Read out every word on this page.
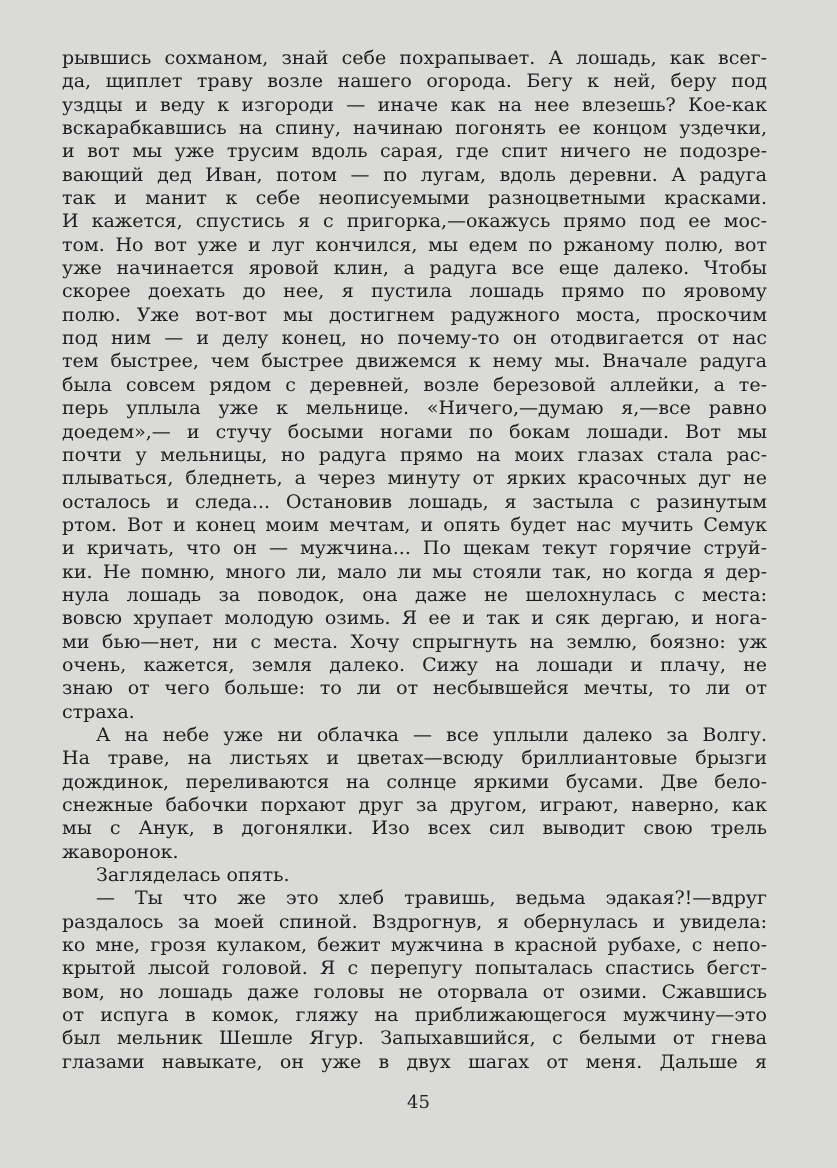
рывшись сохманом, знай себе похрапывает. А лошадь, как всег-
да, щиплет траву возле нашего огорода. Бегу к ней, беру под
уздцы и веду к изгороди — иначе как на нее влезешь? Кое-как
вскарабкавшись на спину, начинаю погонять ее концом уздечки,
и вот мы уже трусим вдоль сарая, где спит ничего не подозре-
вающий дед Иван, потом — по лугам, вдоль деревни. А радуга
так и манит к себе неописуемыми разноцветными красками.
И кажется, спустись я с пригорка,—окажусь прямо под ее мос-
том. Но вот уже и луг кончился, мы едем по ржаному полю, вот
уже начинается яровой клин, а радуга все еще далеко. Чтобы
скорее доехать до нее, я пустила лошадь прямо по яровому
полю. Уже вот-вот мы достигнем радужного моста, проскочим
под ним — и делу конец, но почему-то он отодвигается от нас
тем быстрее, чем быстрее движемся к нему мы. Вначале радуга
была совсем рядом с деревней, возле березовой аллейки, а те-
перь уплыла уже к мельнице. «Ничего,—думаю я,—все равно
доедем»,— и стучу босыми ногами по бокам лошади. Вот мы
почти у мельницы, но радуга прямо на моих глазах стала рас-
плываться, бледнеть, а через минуту от ярких красочных дуг не
осталось и следа... Остановив лошадь, я застыла с разинутым
ртом. Вот и конец моим мечтам, и опять будет нас мучить Семук
и кричать, что он — мужчина... По щекам текут горячие струй-
ки. Не помню, много ли, мало ли мы стояли так, но когда я дер-
нула лошадь за поводок, она даже не шелохнулась с места:
вовсю хрупает молодую озимь. Я ее и так и сяк дергаю, и нога-
ми бью—нет, ни с места. Хочу спрыгнуть на землю, боязно: уж
очень, кажется, земля далеко. Сижу на лошади и плачу, не
знаю от чего больше: то ли от несбывшейся мечты, то ли от
страха.
А на небе уже ни облачка — все уплыли далеко за Волгу.
На траве, на листьях и цветах—всюду бриллиантовые брызги
дождинок, переливаются на солнце яркими бусами. Две бело-
снежные бабочки порхают друг за другом, играют, наверно, как
мы с Анук, в догонялки. Изо всех сил выводит свою трель
жаворонок.
Загляделась опять.
— Ты что же это хлеб травишь, ведьма эдакая?!—вдруг
раздалось за моей спиной. Вздрогнув, я обернулась и увидела:
ко мне, грозя кулаком, бежит мужчина в красной рубахе, с непо-
крытой лысой головой. Я с перепугу попыталась спастись бегст-
вом, но лошадь даже головы не оторвала от озими. Сжавшись
от испуга в комок, гляжу на приближающегося мужчину—это
был мельник Шешле Ягур. Запыхавшийся, с белыми от гнева
глазами навыкате, он уже в двух шагах от меня. Дальше я
45
